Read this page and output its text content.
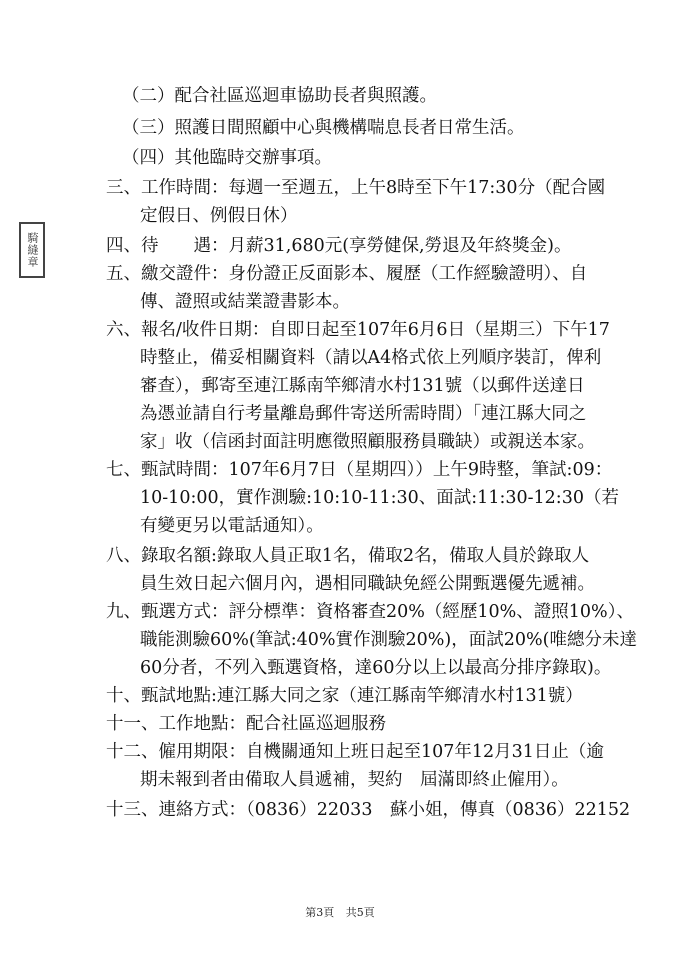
騎縫章
（二）配合社區巡迴車協助長者與照護。
（三）照護日間照顧中心與機構喘息長者日常生活。
（四）其他臨時交辦事項。
三、工作時間：每週一至週五，上午8時至下午17:30分（配合國
定假日、例假日休）
四、待　　遇：月薪31,680元(享勞健保,勞退及年終獎金)。
五、繳交證件：身份證正反面影本、履歷（工作經驗證明）、自
傳、證照或結業證書影本。
六、報名/收件日期：自即日起至107年6月6日（星期三）下午17
時整止，備妥相關資料（請以A4格式依上列順序裝訂，俾利
審查），郵寄至連江縣南竿鄉清水村131號（以郵件送達日
為憑並請自行考量離島郵件寄送所需時間）「連江縣大同之
家」收（信函封面註明應徵照顧服務員職缺）或親送本家。
七、甄試時間：107年6月7日（星期四））上午9時整，筆試:09：
10-10:00，實作測驗:10:10-11:30、面試:11:30-12:30（若
有變更另以電話通知）。
八、錄取名額:錄取人員正取1名，備取2名，備取人員於錄取人
員生效日起六個月內，遇相同職缺免經公開甄選優先遞補。
九、甄選方式：評分標準：資格審查20%（經歷10%、證照10%）、
職能測驗60%(筆試:40%實作測驗20%)，面試20%(唯總分未達
60分者，不列入甄選資格，達60分以上以最高分排序錄取)。
十、甄試地點:連江縣大同之家（連江縣南竿鄉清水村131號）
十一、工作地點：配合社區巡迴服務
十二、僱用期限：自機關通知上班日起至107年12月31日止（逾
期未報到者由備取人員遞補，契約　屆滿即終止僱用）。
十三、連絡方式：（0836）22033　蘇小姐，傳真（0836）22152
第3頁 共5頁
